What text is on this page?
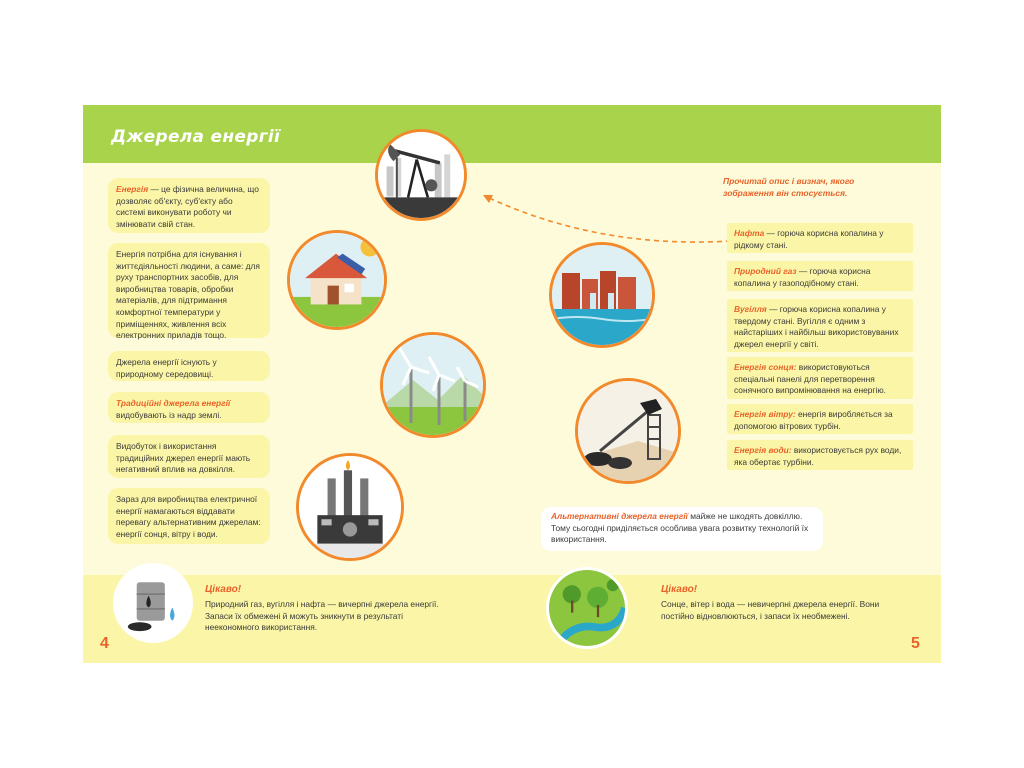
Джерела енергії
Енергія — це фізична величина, що дозволяє об'єкту, суб'єкту або системі виконувати роботу чи змінювати свій стан.
Енергія потрібна для існування і життєдіяльності людини, а саме: для руху транспортних засобів, для виробництва товарів, обробки матеріалів, для підтримання комфортної температури у приміщеннях, живлення всіх електронних приладів тощо.
Джерела енергії існують у природному середовищі.
Традиційні джерела енергії видобувають із надр землі.
Видобуток і використання традиційних джерел енергії мають негативний вплив на довкілля.
Зараз для виробництва електричної енергії намагаються віддавати перевагу альтернативним джерелам: енергії сонця, вітру і води.
Прочитай опис і визнач, якого зображення він стосується.
Нафта — горюча корисна копалина у рідкому стані.
Природний газ — горюча корисна копалина у газоподібному стані.
Вугілля — горюча корисна копалина у твердому стані. Вугілля є одним з найстаріших і найбільш використовуваних джерел енергії у світі.
Енергія сонця: використовуються спеціальні панелі для перетворення сонячного випромінювання на енергію.
Енергія вітру: енергія виробляється за допомогою вітрових турбін.
Енергія води: використовується рух води, яка обертає турбіни.
Альтернативні джерела енергії майже не шкодять довкіллю. Тому сьогодні приділяється особлива увага розвитку технологій їх використання.
Цікаво!
Природний газ, вугілля і нафта — вичерпні джерела енергії. Запаси їх обмежені й можуть зникнути в результаті неекономного використання.
Цікаво!
Сонце, вітер і вода — невичерпні джерела енергії. Вони постійно відновлюються, і запаси їх необмежені.
4	5
